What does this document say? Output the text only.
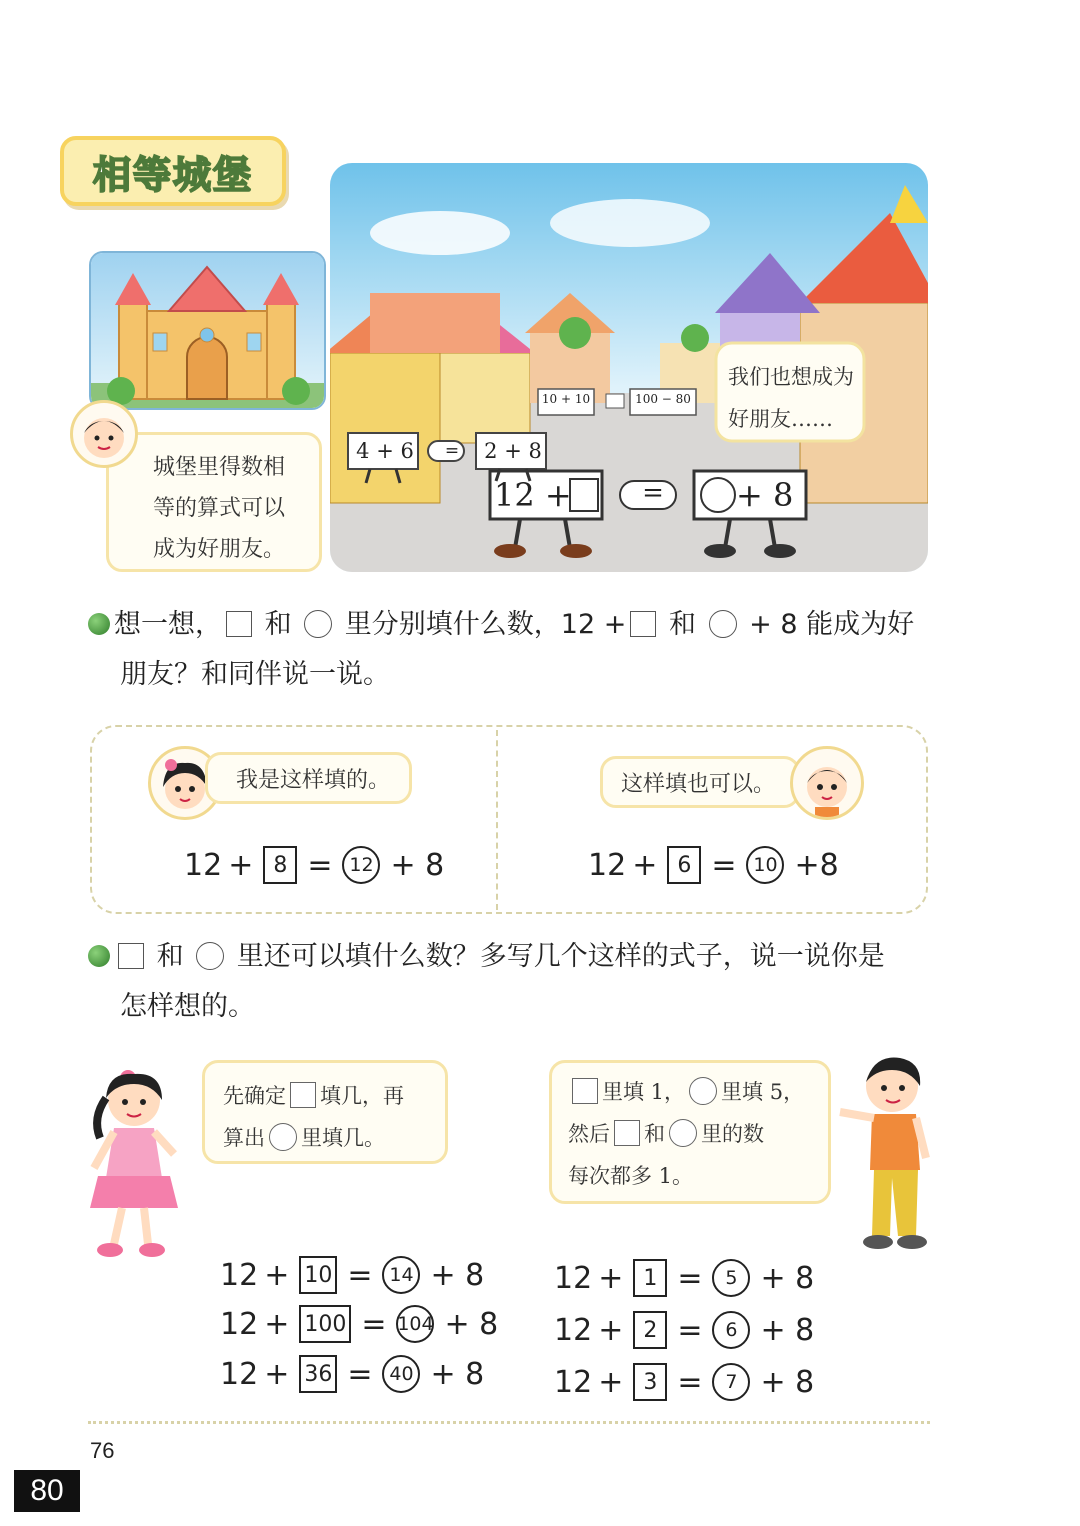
相等城堡
4 + 6	2 + 8
=
10 + 10	100 − 80
12 +	+ 8
=
我们也想成为
好朋友……
城堡里得数相等的算式可以成为好朋友。
想一想， 和 里分别填什么数，12 + 和 + 8 能成为好
朋友？和同伴说一说。
我是这样填的。	这样填也可以。
12 + 8 = 12 + 8	12 + 6 = 10 +8
和 里还可以填什么数？多写几个这样的式子，说一说你是
怎样想的。
先确定 填几，再
算出 里填几。
里填 1， 里填 5，
然后 和 里的数
每次都多 1。
12 + 10 = 14 + 8
12 + 100 = 104 + 8
12 + 36 = 40 + 8
12 + 1 =	5 + 8
12 + 2 =	6 + 8
12 + 3 =	7 + 8
76
80
